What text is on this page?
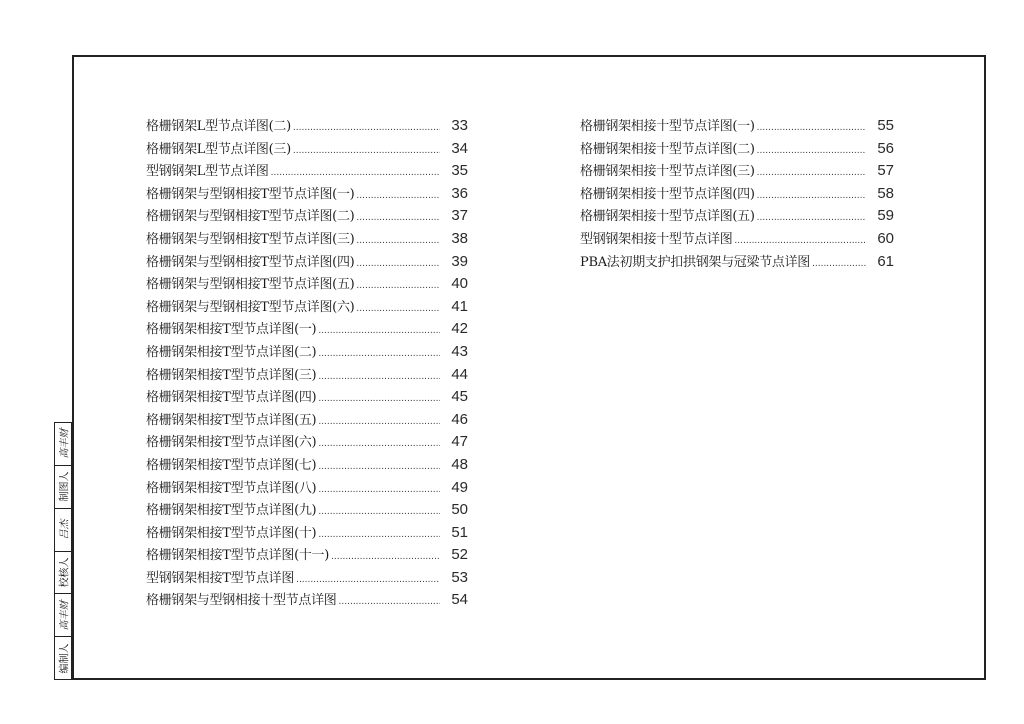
格栅钢架L型节点详图(二) .....	33
格栅钢架L型节点详图(三) .....	34
型钢钢架L型节点详图 .....	35
格栅钢架与型钢相接T型节点详图(一) .....	36
格栅钢架与型钢相接T型节点详图(二) .....	37
格栅钢架与型钢相接T型节点详图(三) .....	38
格栅钢架与型钢相接T型节点详图(四) .....	39
格栅钢架与型钢相接T型节点详图(五) .....	40
格栅钢架与型钢相接T型节点详图(六) .....	41
格栅钢架相接T型节点详图(一) .....	42
格栅钢架相接T型节点详图(二) .....	43
格栅钢架相接T型节点详图(三) .....	44
格栅钢架相接T型节点详图(四) .....	45
格栅钢架相接T型节点详图(五) .....	46
格栅钢架相接T型节点详图(六) .....	47
格栅钢架相接T型节点详图(七) .....	48
格栅钢架相接T型节点详图(八) .....	49
格栅钢架相接T型节点详图(九) .....	50
格栅钢架相接T型节点详图(十) .....	51
格栅钢架相接T型节点详图(十一) .....	52
型钢钢架相接T型节点详图 .....	53
格栅钢架与型钢相接十型节点详图 .....	54
格栅钢架相接十型节点详图(一) .....	55
格栅钢架相接十型节点详图(二) .....	56
格栅钢架相接十型节点详图(三) .....	57
格栅钢架相接十型节点详图(四) .....	58
格栅钢架相接十型节点详图(五) .....	59
型钢钢架相接十型节点详图 .....	60
PBA法初期支护扣拱钢架与冠梁节点详图 .....	61
编制人
高丰财
校核人
吕杰
制图人
高丰财
